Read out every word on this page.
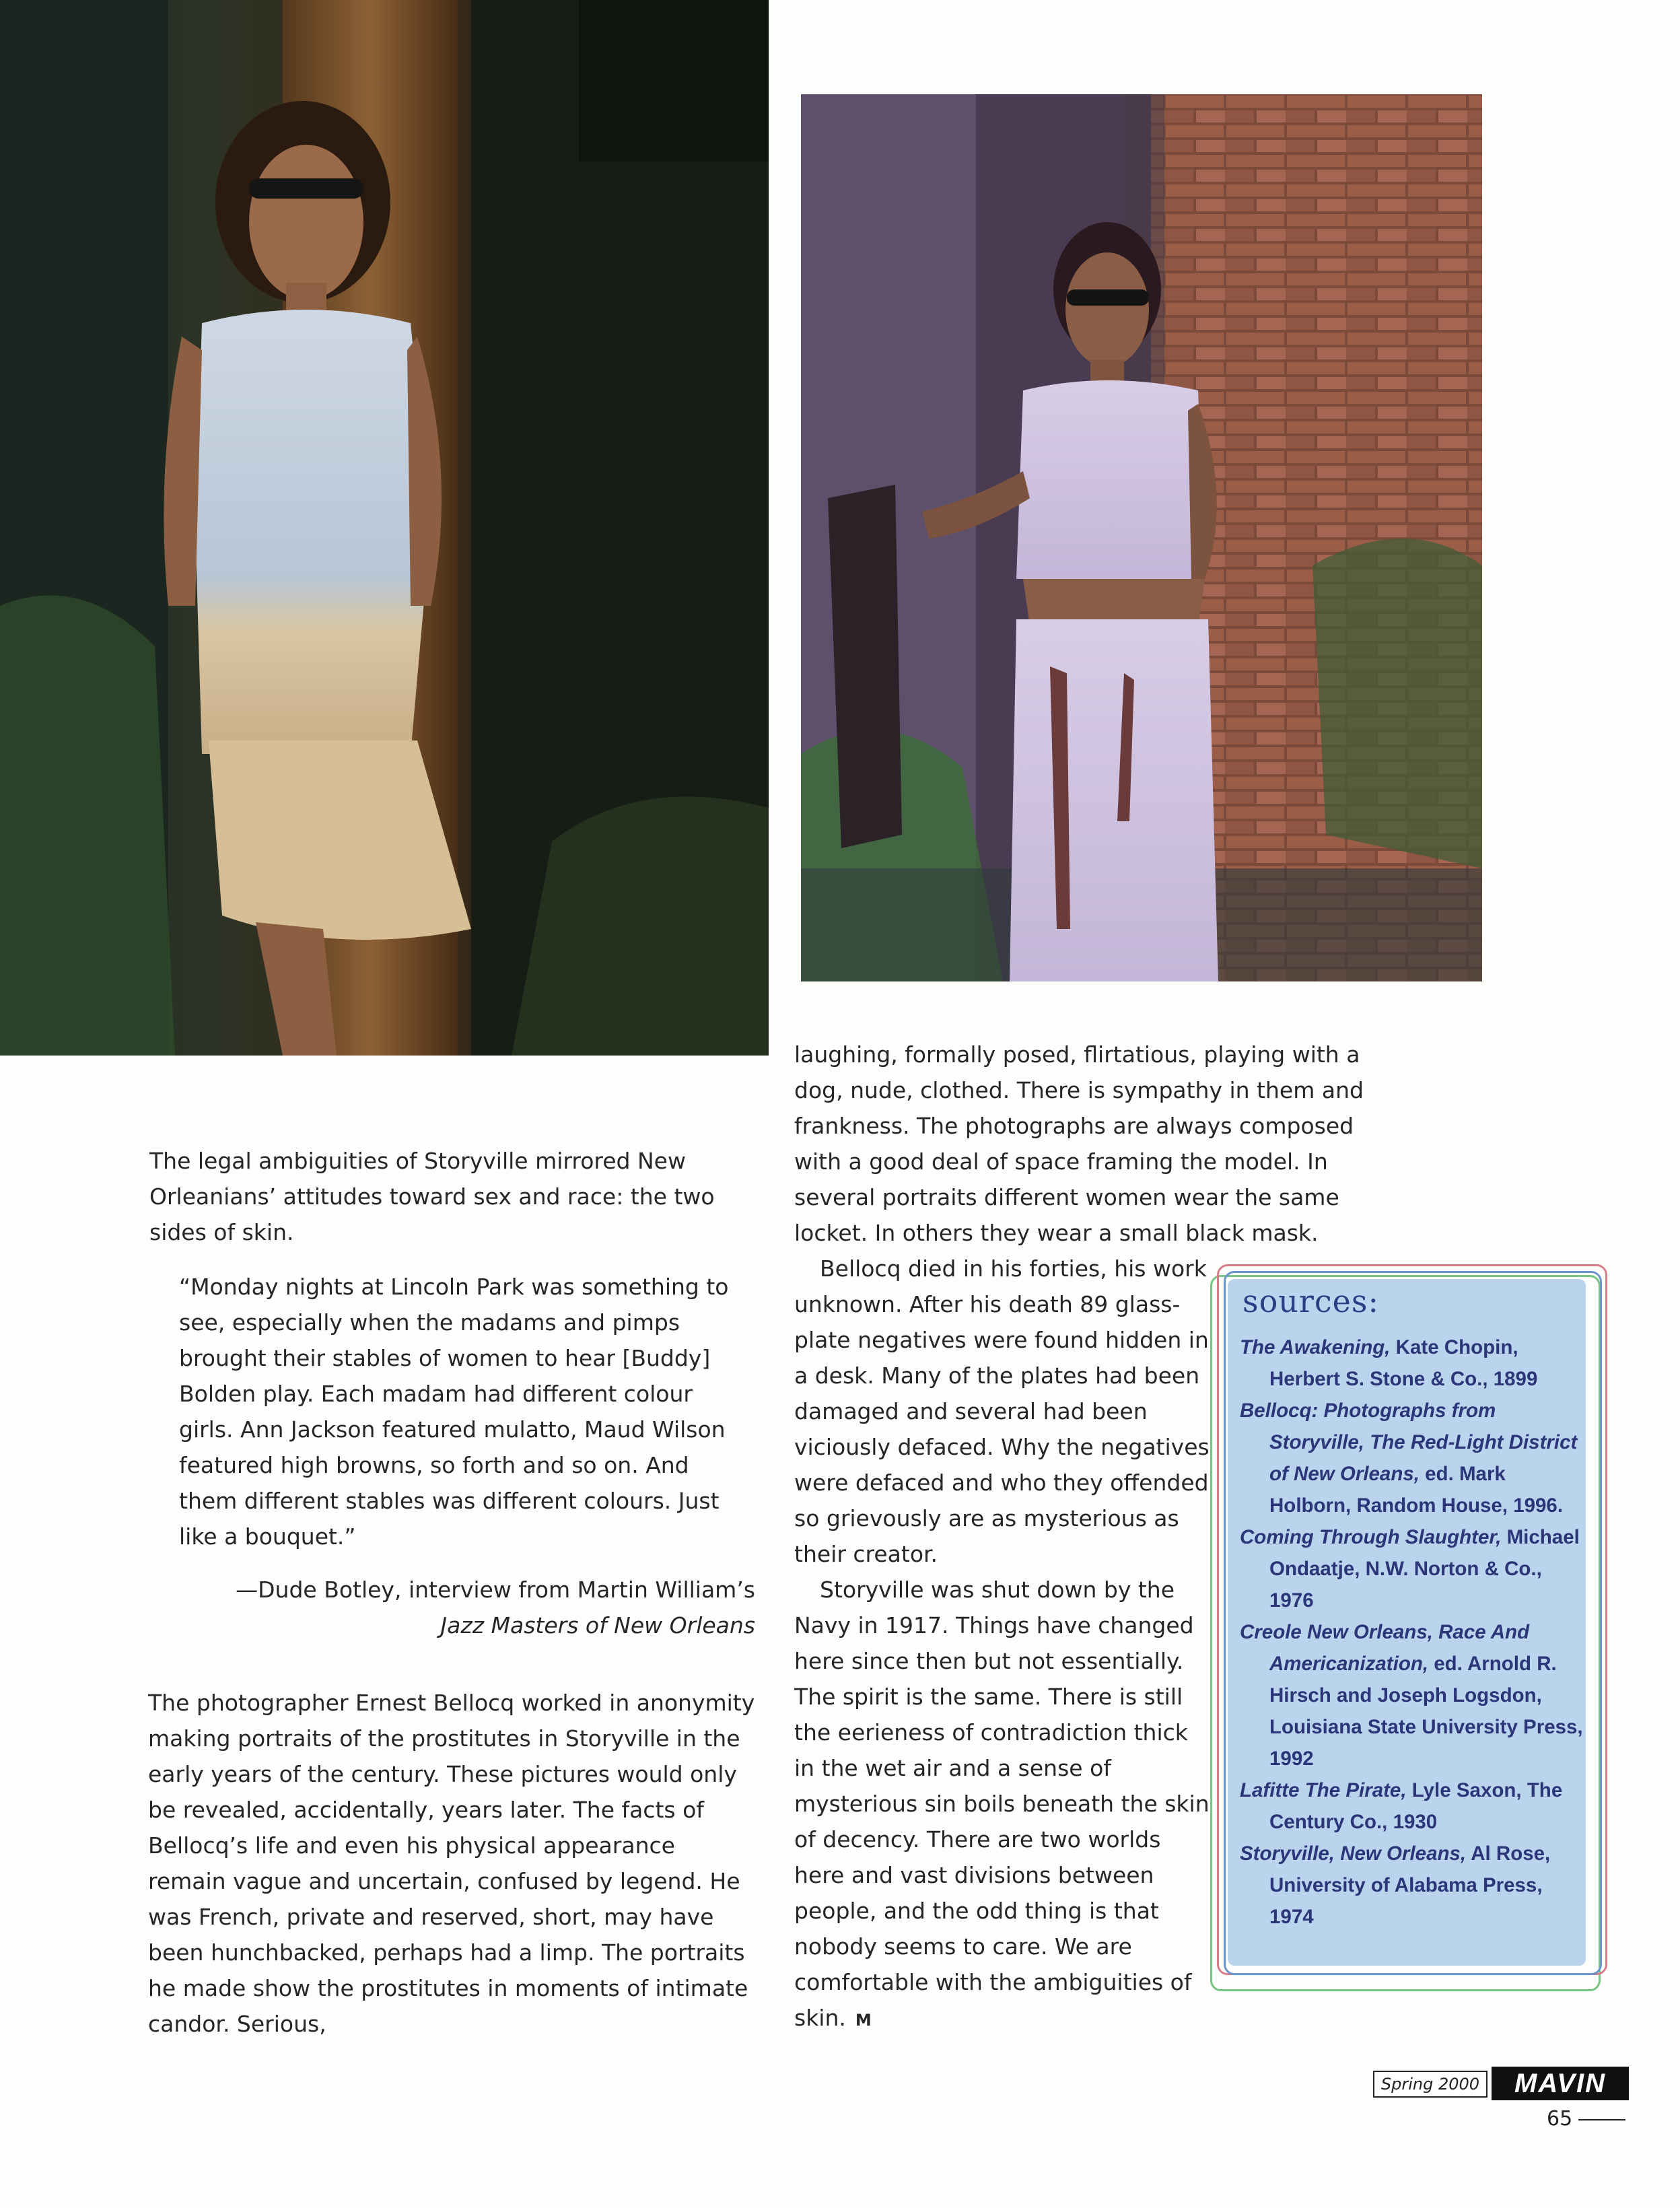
The legal ambiguities of Storyville mirrored New Orleanians’ attitudes toward sex and race: the two sides of skin.

“Monday nights at Lincoln Park was something to see, especially when the madams and pimps brought their stables of women to hear [Buddy] Bolden play. Each madam had different colour girls. Ann Jackson featured mulatto, Maud Wilson featured high browns, so forth and so on. And them different stables was different colours. Just like a bouquet.”

—Dude Botley, interview from Martin William’s
Jazz Masters of New Orleans

The photographer Ernest Bellocq worked in anonymity making portraits of the prostitutes in Storyville in the early years of the century. These pictures would only be revealed, accidentally, years later. The facts of Bellocq’s life and even his physical appearance remain vague and uncertain, confused by legend. He was French, private and reserved, short, may have been hunchbacked, perhaps had a limp. The portraits he made show the prostitutes in moments of intimate candor. Serious,

laughing, formally posed, flirtatious, playing with a dog, nude, clothed. There is sympathy in them and frankness. The photographs are always composed with a good deal of space framing the model. In several portraits different women wear the same locket. In others they wear a small black mask.

Bellocq died in his forties, his work unknown. After his death 89 glass-plate negatives were found hidden in a desk. Many of the plates had been damaged and several had been viciously defaced. Why the negatives were defaced and who they offended so grievously are as mysterious as their creator.

Storyville was shut down by the Navy in 1917. Things have changed here since then but not essentially. The spirit is the same. There is still the eerieness of contradiction thick in the wet air and a sense of mysterious sin boils beneath the skin of decency. There are two worlds here and vast divisions between people, and the odd thing is that nobody seems to care. We are comfortable with the ambiguities of skin. M

sources:
The Awakening, Kate Chopin, Herbert S. Stone & Co., 1899
Bellocq: Photographs from Storyville, The Red-Light District of New Orleans, ed. Mark Holborn, Random House, 1996.
Coming Through Slaughter, Michael Ondaatje, N.W. Norton & Co., 1976
Creole New Orleans, Race And Americanization, ed. Arnold R. Hirsch and Joseph Logsdon, Louisiana State University Press, 1992
Lafitte The Pirate, Lyle Saxon, The Century Co., 1930
Storyville, New Orleans, Al Rose, University of Alabama Press, 1974
Spring 2000	MAVIN
65
